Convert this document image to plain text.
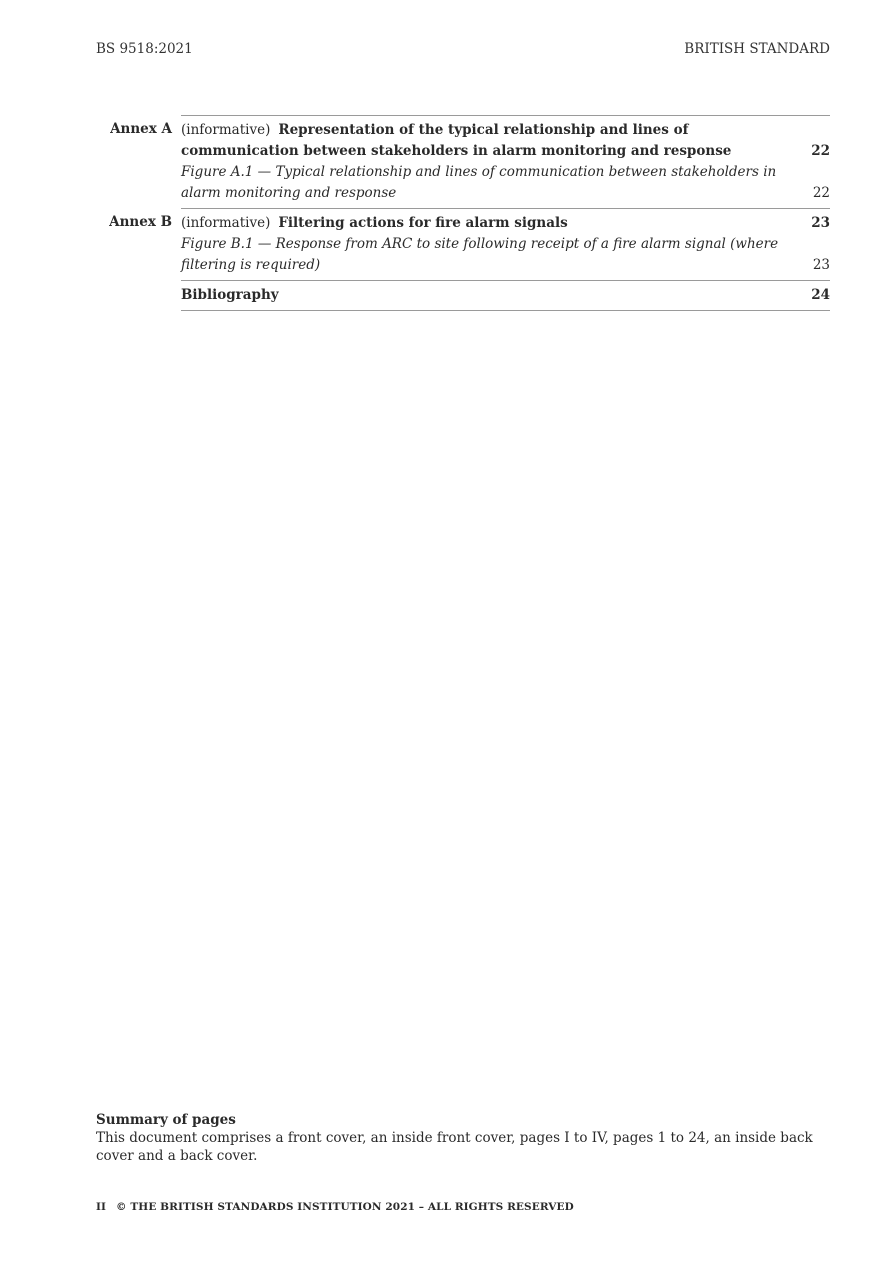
BS 9518:2021	BRITISH STANDARD
Annex A (informative) Representation of the typical relationship and lines of communication between stakeholders in alarm monitoring and response	22
Figure A.1 — Typical relationship and lines of communication between stakeholders in alarm monitoring and response	22
Annex B (informative) Filtering actions for fire alarm signals	23
Figure B.1 — Response from ARC to site following receipt of a fire alarm signal (where filtering is required)	23
Bibliography	24
Summary of pages
This document comprises a front cover, an inside front cover, pages I to IV, pages 1 to 24, an inside back cover and a back cover.
II © THE BRITISH STANDARDS INSTITUTION 2021 – ALL RIGHTS RESERVED
